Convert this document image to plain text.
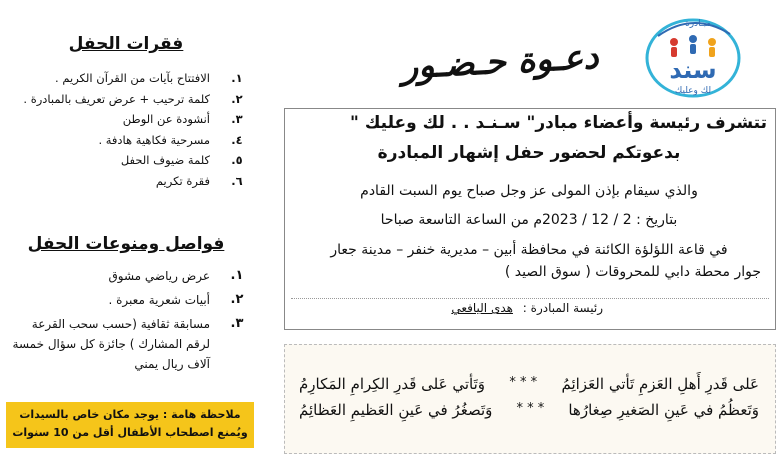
فقرات الحفل
١.
الافتتاح بآيات من القرآن الكريم .
٢.
كلمة ترحيب + عرض تعريف بالمبادرة .
٣.
أنشودة عن الوطن
٤.
مسرحية فكاهية هادفة .
٥.
كلمة ضيوف الحفل
٦.
فقرة تكريم
فواصل ومنوعات الحفل
١.
عرض رياضي مشوق
٢.
أبيات شعرية معبرة .
٣.
مسابقة ثقافية (حسب سحب القرعة لرقم المشارك ) جائزة كل سؤال خمسة آلاف ريال يمني
ملاحظة هامة : يوجد مكان خاص بالسيدات
ويُمنع اصطحاب الأطفال أقل من 10 سنوات
مبـادرة
سند
لك وعليك
دعـوة حـضـور
تتشرف رئيسة وأعضاء مبادر" سـنـد . . لك وعليك "
بدعوتكم لحضور حفل إشهار المبادرة
والذي سيقام بإذن المولى عز وجل صباح يوم السبت القادم
بتاريخ : 2 / 12 / 2023م من الساعة التاسعة صباحا
في قاعة اللؤلؤة الكائنة في محافظة أبين – مديرية خنفر – مدينة جعار
جوار محطة دابي للمحروقات ( سوق الصيد )
رئيسة المبادرة : هدى اليافعي
عَلى قَدرِ أَهلِ العَزمِ تَأتي العَزائِمُ
* * *
وَتَأتي عَلى قَدرِ الكِرامِ المَكارِمُ
وَتَعظُمُ في عَينِ الصَغيرِ صِغارُها
* * *
وَتَصغُرُ في عَينِ العَظيمِ العَظائِمُ
